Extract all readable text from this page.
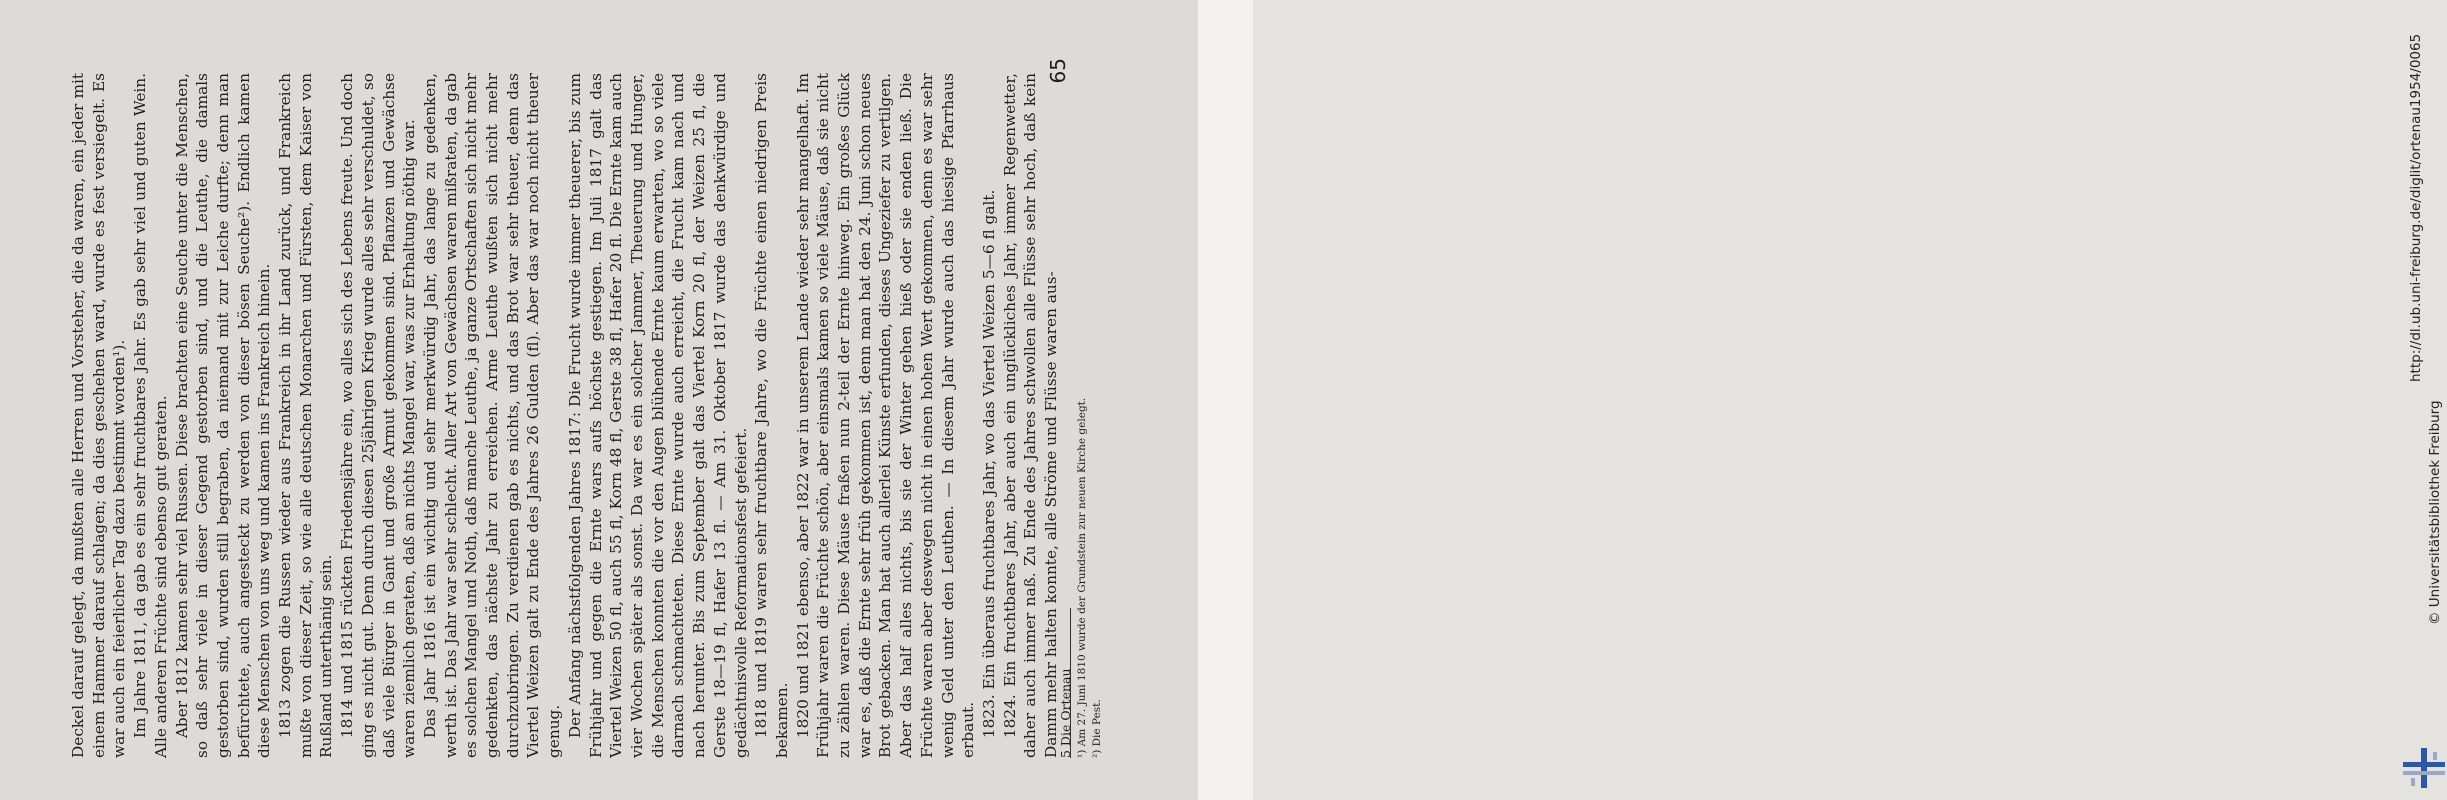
Deckel darauf gelegt, da mußten alle Herren und Vorsteher, die da waren, ein jeder mit einem Hammer darauf schlagen; da dies geschehen ward, wurde es fest versiegelt. Es war auch ein feierlicher Tag dazu bestimmt worden¹). Im Jahre 1811, da gab es ein sehr fruchtbares Jahr. Es gab sehr viel und guten Wein. Alle anderen Früchte sind ebenso gut geraten. Aber 1812 kamen sehr viel Russen. Diese brachten eine Seuche unter die Menschen, so daß sehr viele in dieser Gegend gestorben sind, und die Leuthe, die damals gestorben sind, wurden still begraben, da niemand mit zur Leiche durfte; denn man befürchtete, auch angesteckt zu werden von dieser bösen Seuche²). Endlich kamen diese Menschen von uns weg und kamen ins Frankreich hinein. 1813 zogen die Russen wieder aus Frankreich in ihr Land zurück, und Frankreich mußte von dieser Zeit, so wie alle deutschen Monarchen und Fürsten, dem Kaiser von Rußland unterthänig sein. 1814 und 1815 rückten Friedensjähre ein, wo alles sich des Lebens freute. Und doch ging es nicht gut. Denn durch diesen 25jährigen Krieg wurde alles sehr verschuldet, so daß viele Bürger in Gant und große Armut gekommen sind. Pflanzen und Gewächse waren ziemlich geraten, daß an nichts Mangel war, was zur Erhaltung nöthig war. Das Jahr 1816 ist ein wichtig und sehr merkwürdig Jahr, das lange zu gedenken, werth ist. Das Jahr war sehr schlecht. Aller Art von Gewächsen waren mißraten, da gab es solchen Mangel und Noth, daß manche Leuthe, ja ganze Ortschaften sich nicht mehr gedenkten, das nächste Jahr zu erreichen. Arme Leuthe wußten sich nicht mehr durchzubringen. Zu verdienen gab es nichts, und das Brot war sehr theuer, denn das Viertel Weizen galt zu Ende des Jahres 26 Gulden (fl). Aber das war noch nicht theuer genug. Der Anfang nächstfolgenden Jahres 1817: Die Frucht wurde immer theuerer, bis zum Frühjahr und gegen die Ernte wars aufs höchste gestiegen. Im Juli 1817 galt das Viertel Weizen 50 fl, auch 55 fl, Korn 48 fl, Gerste 38 fl, Hafer 20 fl. Die Ernte kam auch vier Wochen später als sonst. Da war es ein solcher Jammer, Theuerung und Hunger, die Menschen konnten die vor den Augen blühende Ernte kaum erwarten, wo so viele darnach schmachteten. Diese Ernte wurde auch erreicht, die Frucht kam nach und nach herunter. Bis zum September galt das Viertel Korn 20 fl, der Weizen 25 fl, die Gerste 18—19 fl, Hafer 13 fl. — Am 31. Oktober 1817 wurde das denkwürdige und gedächtnisvolle Reformationsfest gefeiert. 1818 und 1819 waren sehr fruchtbare Jahre, wo die Früchte einen niedrigen Preis bekamen. 1820 und 1821 ebenso, aber 1822 war in unserem Lande wieder sehr mangelhaft. Im Frühjahr waren die Früchte schön, aber einsmals kamen so viele Mäuse, daß sie nicht zu zählen waren. Diese Mäuse fraßen nun 2-teil der Ernte hinweg. Ein großes Glück war es, daß die Ernte sehr früh gekommen ist, denn man hat den 24. Juni schon neues Brot gebacken. Man hat auch allerlei Künste erfunden, dieses Ungeziefer zu vertilgen. Aber das half alles nichts, bis sie der Winter gehen hieß oder sie enden ließ. Die Früchte waren aber deswegen nicht in einen hohen Wert gekommen, denn es war sehr wenig Geld unter den Leuthen. — In diesem Jahr wurde auch das hiesige Pfarrhaus erbaut. 1823. Ein überaus fruchtbares Jahr, wo das Viertel Weizen 5—6 fl galt. 1824. Ein fruchtbares Jahr, aber auch ein unglückliches Jahr, immer Regenwetter, daher auch immer naß. Zu Ende des Jahres schwollen alle Flüsse sehr hoch, daß kein Damm mehr halten konnte, alle Ströme und Flüsse waren aus- ¹) Am 27. Juni 1810 wurde der Grundstein zur neuen Kirche gelegt. ²) Die Pest.

5 Die Ortenau
65	http://dl.ub.uni-freiburg.de/diglit/ortenau1954/0065
© Universitätsbibliothek Freiburg
